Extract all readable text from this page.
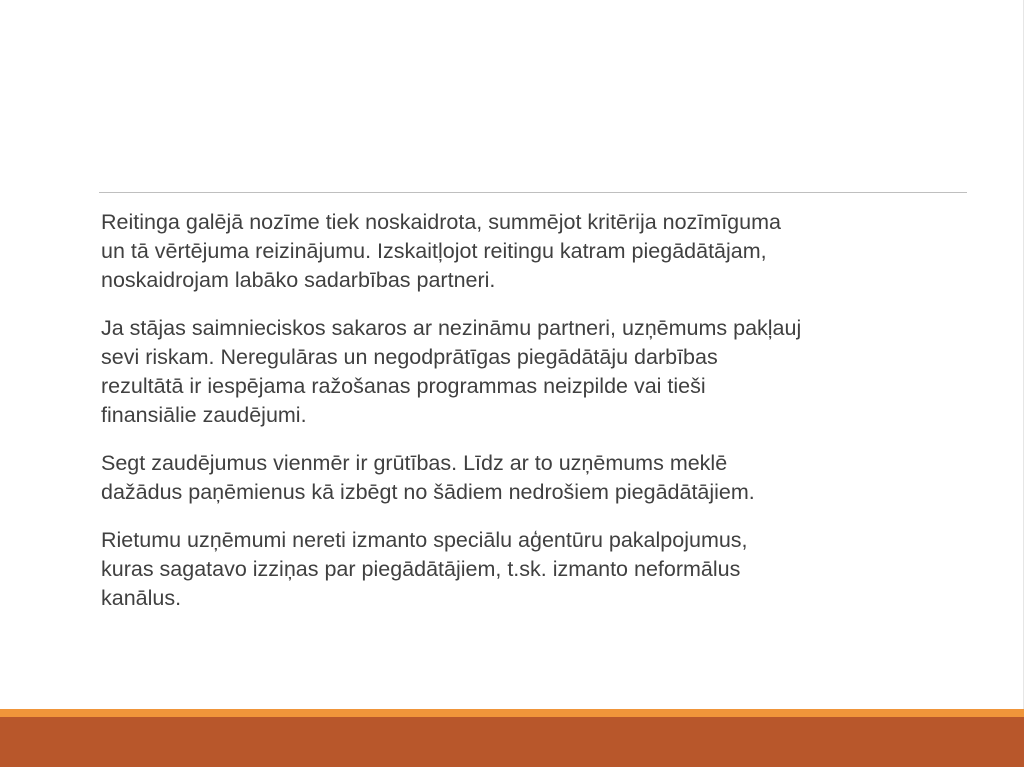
Reitinga galējā nozīme tiek noskaidrota, summējot kritērija nozīmīguma
un tā vērtējuma reizinājumu. Izskaitļojot reitingu katram piegādātājam,
noskaidrojam labāko sadarbības partneri.

Ja stājas saimnieciskos sakaros ar nezināmu partneri, uzņēmums pakļauj
sevi riskam. Neregulāras un negodprātīgas piegādātāju darbības
rezultātā ir iespējama ražošanas programmas neizpilde vai tieši
finansiālie zaudējumi.

Segt zaudējumus vienmēr ir grūtības. Līdz ar to uzņēmums meklē
dažādus paņēmienus kā izbēgt no šādiem nedrošiem piegādātājiem.

Rietumu uzņēmumi nereti izmanto speciālu aģentūru pakalpojumus,
kuras sagatavo izziņas par piegādātājiem, t.sk. izmanto neformālus
kanālus.
